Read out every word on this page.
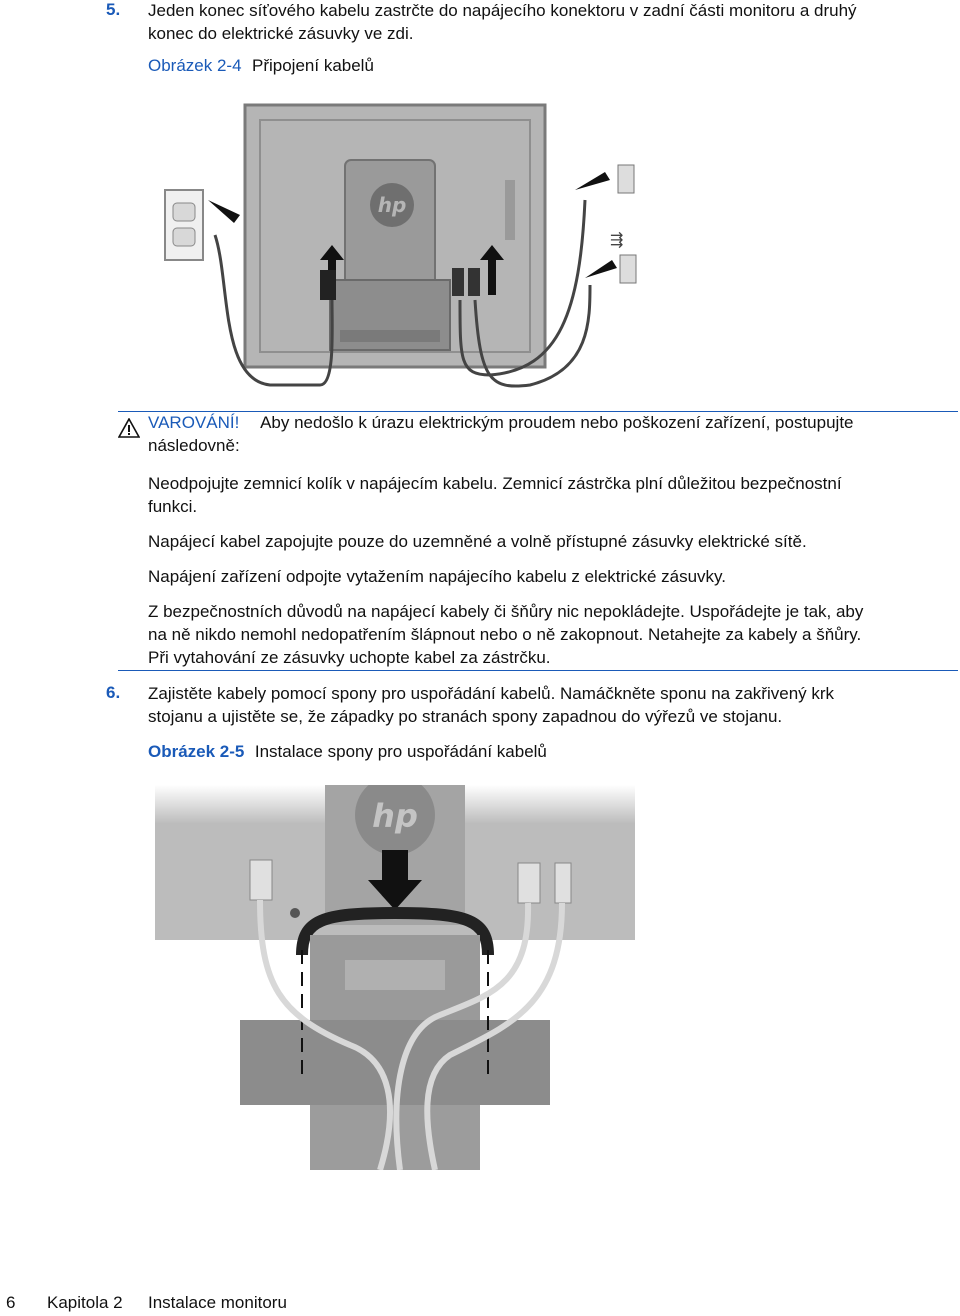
5. Jeden konec síťového kabelu zastrčte do napájecího konektoru v zadní části monitoru a druhý
konec do elektrické zásuvky ve zdi.
Obrázek 2-4 Připojení kabelů
hp
⇶
VAROVÁNÍ! Aby nedošlo k úrazu elektrickým proudem nebo poškození zařízení, postupujte
následovně:
Neodpojujte zemnicí kolík v napájecím kabelu. Zemnicí zástrčka plní důležitou bezpečnostní
funkci.
Napájecí kabel zapojujte pouze do uzemněné a volně přístupné zásuvky elektrické sítě.
Napájení zařízení odpojte vytažením napájecího kabelu z elektrické zásuvky.
Z bezpečnostních důvodů na napájecí kabely či šňůry nic nepokládejte. Uspořádejte je tak, aby
na ně nikdo nemohl nedopatřením šlápnout nebo o ně zakopnout. Netahejte za kabely a šňůry.
Při vytahování ze zásuvky uchopte kabel za zástrčku.
6. Zajistěte kabely pomocí spony pro uspořádání kabelů. Namáčkněte sponu na zakřivený krk
stojanu a ujistěte se, že západky po stranách spony zapadnou do výřezů ve stojanu.
Obrázek 2-5 Instalace spony pro uspořádání kabelů
hp
6 Kapitola 2 Instalace monitoru
